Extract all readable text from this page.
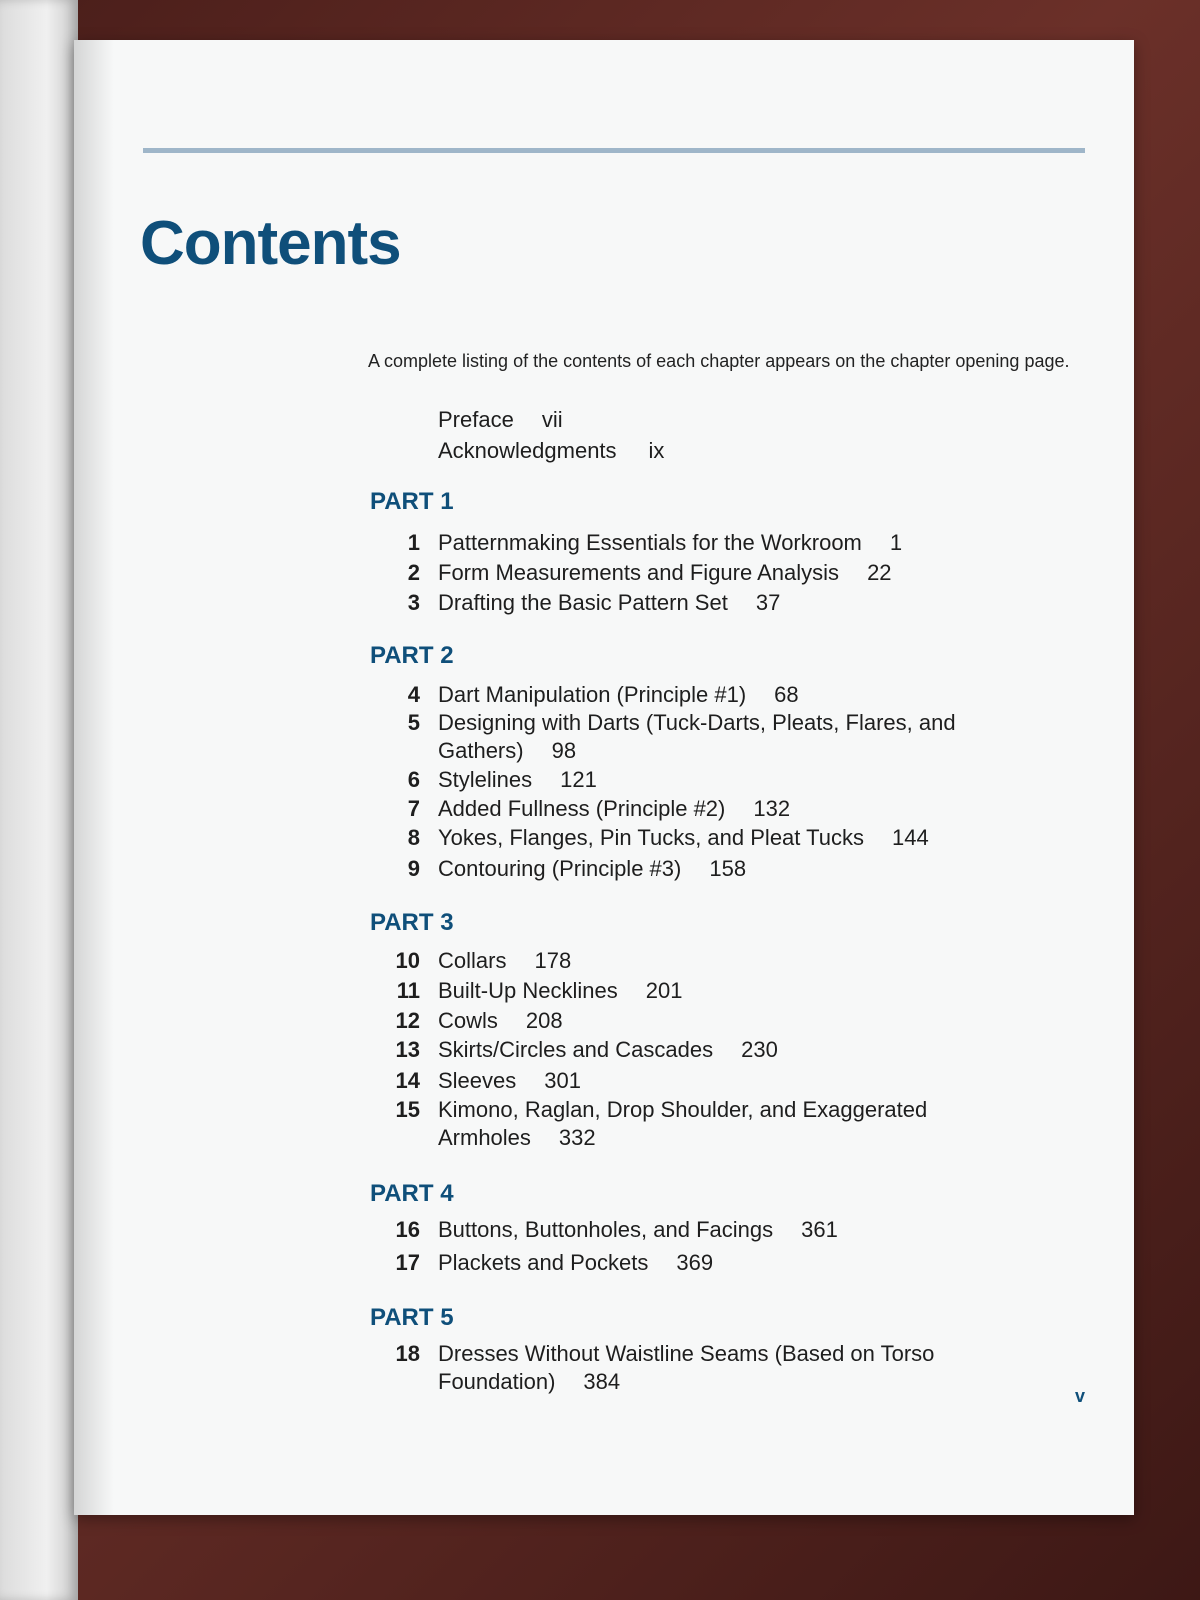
Contents

A complete listing of the contents of each chapter appears on the chapter opening page.

Preface vii
Acknowledgments ix
PART 1
1 Patternmaking Essentials for the Workroom 1
2 Form Measurements and Figure Analysis 22
3 Drafting the Basic Pattern Set 37
PART 2
4 Dart Manipulation (Principle #1) 68
5 Designing with Darts (Tuck-Darts, Pleats, Flares, and Gathers) 98
6 Stylelines 121
7 Added Fullness (Principle #2) 132
8 Yokes, Flanges, Pin Tucks, and Pleat Tucks 144
9 Contouring (Principle #3) 158
PART 3
10 Collars 178
11 Built-Up Necklines 201
12 Cowls 208
13 Skirts/Circles and Cascades 230
14 Sleeves 301
15 Kimono, Raglan, Drop Shoulder, and Exaggerated Armholes 332
PART 4
16 Buttons, Buttonholes, and Facings 361
17 Plackets and Pockets 369
PART 5
18 Dresses Without Waistline Seams (Based on Torso Foundation) 384
v
